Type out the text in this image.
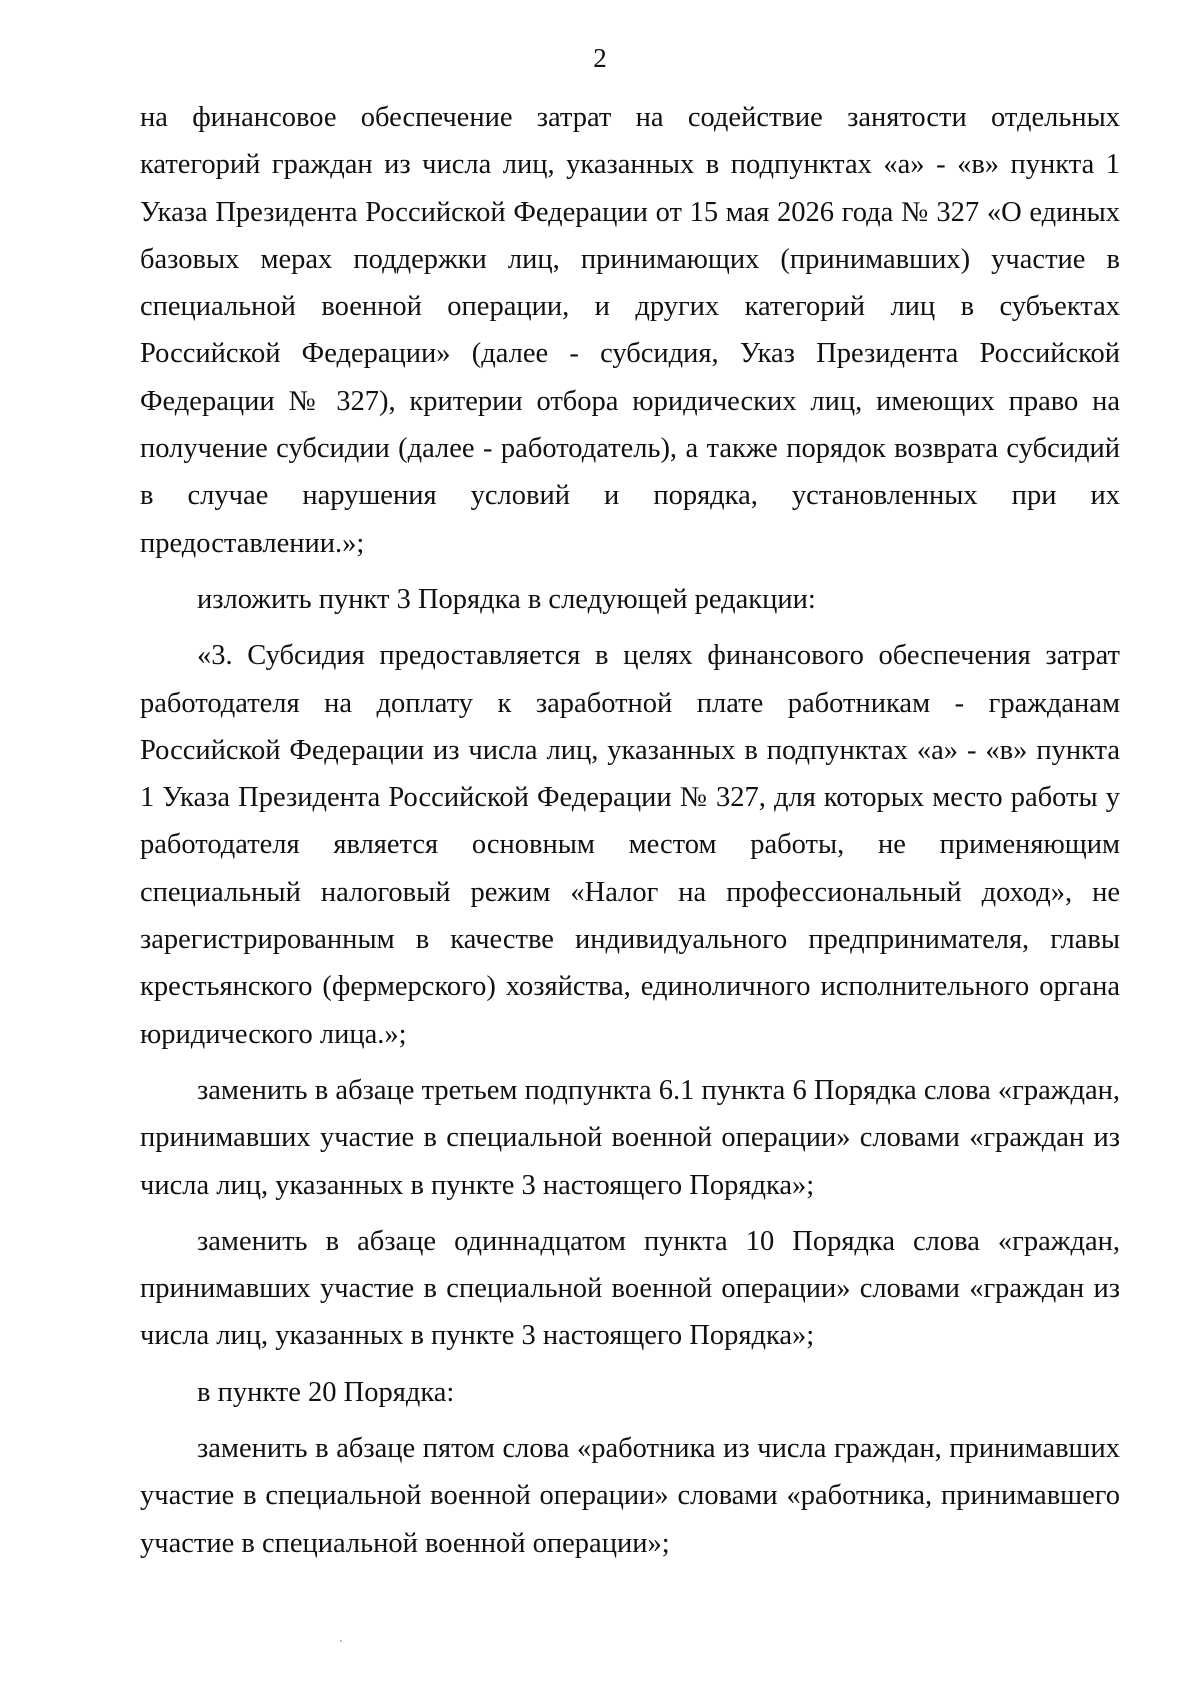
2

на финансовое обеспечение затрат на содействие занятости отдельных категорий граждан из числа лиц, указанных в подпунктах «а» - «в» пункта 1 Указа Президента Российской Федерации от 15 мая 2026 года № 327 «О единых базовых мерах поддержки лиц, принимающих (принимавших) участие в специальной военной операции, и других категорий лиц в субъектах Российской Федерации» (далее - субсидия, Указ Президента Российской Федерации № 327), критерии отбора юридических лиц, имеющих право на получение субсидии (далее - работодатель), а также порядок возврата субсидий в случае нарушения условий и порядка, установленных при их предоставлении.»;

изложить пункт 3 Порядка в следующей редакции:

«3. Субсидия предоставляется в целях финансового обеспечения затрат работодателя на доплату к заработной плате работникам - гражданам Российской Федерации из числа лиц, указанных в подпунктах «а» - «в» пункта 1 Указа Президента Российской Федерации № 327, для которых место работы у работодателя является основным местом работы, не применяющим специальный налоговый режим «Налог на профессиональный доход», не зарегистрированным в качестве индивидуального предпринимателя, главы крестьянского (фермерского) хозяйства, единоличного исполнительного органа юридического лица.»;

заменить в абзаце третьем подпункта 6.1 пункта 6 Порядка слова «граждан, принимавших участие в специальной военной операции» словами «граждан из числа лиц, указанных в пункте 3 настоящего Порядка»;

заменить в абзаце одиннадцатом пункта 10 Порядка слова «граждан, принимавших участие в специальной военной операции» словами «граждан из числа лиц, указанных в пункте 3 настоящего Порядка»;

в пункте 20 Порядка:

заменить в абзаце пятом слова «работника из числа граждан, принимавших участие в специальной военной операции» словами «работника, принимавшего участие в специальной военной операции»;
